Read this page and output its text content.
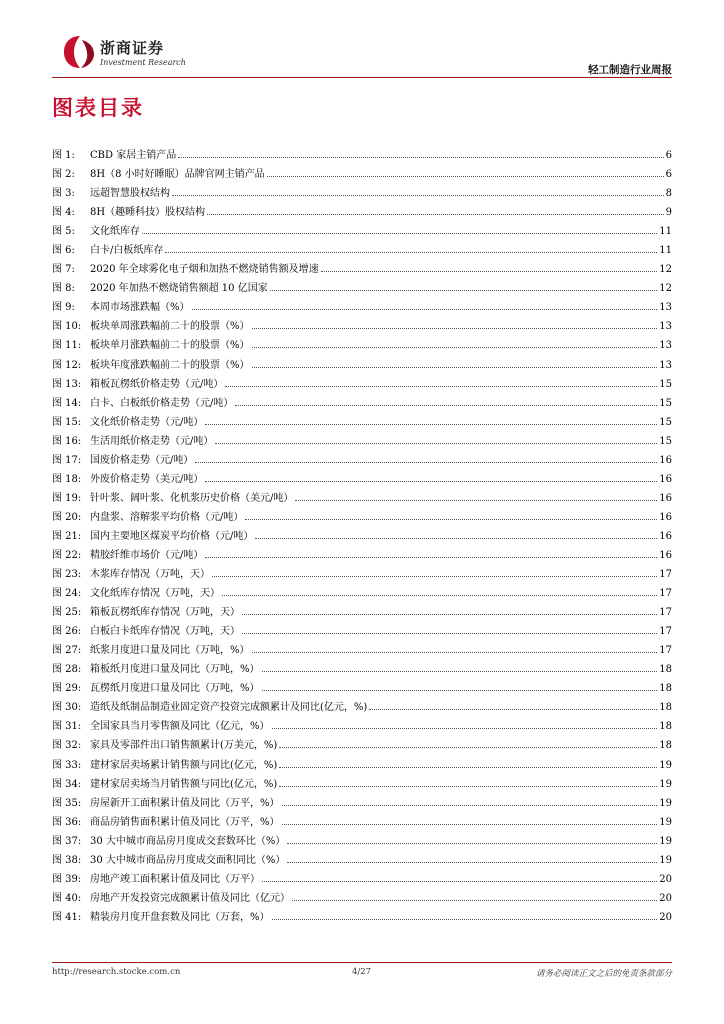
浙商证券
Investment Research
轻工制造行业周报
图表目录
图 1:	CBD 家居主销产品	6
图 2:	8H（8 小时好睡眠）品牌官网主销产品	6
图 3:	远超智慧股权结构	8
图 4:	8H（趣睡科技）股权结构	9
图 5:	文化纸库存	11
图 6:	白卡/白板纸库存	11
图 7:	2020 年全球雾化电子烟和加热不燃烧销售额及增速	12
图 8:	2020 年加热不燃烧销售额超 10 亿国家	12
图 9:	本周市场涨跌幅（%）	13
图 10: 板块单周涨跌幅前二十的股票（%）	13
图 11: 板块单月涨跌幅前二十的股票（%）	13
图 12: 板块年度涨跌幅前二十的股票（%）	13
图 13: 箱板瓦楞纸价格走势（元/吨）	15
图 14: 白卡、白板纸价格走势（元/吨）	15
图 15: 文化纸价格走势（元/吨）	15
图 16: 生活用纸价格走势（元/吨）	15
图 17: 国废价格走势（元/吨）	16
图 18: 外废价格走势（美元/吨）	16
图 19: 针叶浆、阔叶浆、化机浆历史价格（美元/吨）	16
图 20: 内盘浆、溶解浆平均价格（元/吨）	16
图 21: 国内主要地区煤炭平均价格（元/吨）	16
图 22: 精胶纤维市场价（元/吨）	16
图 23: 木浆库存情况（万吨，天）	17
图 24: 文化纸库存情况（万吨，天）	17
图 25: 箱板瓦楞纸库存情况（万吨，天）	17
图 26: 白板白卡纸库存情况（万吨，天）	17
图 27: 纸浆月度进口量及同比（万吨，%）	17
图 28: 箱板纸月度进口量及同比（万吨，%）	18
图 29: 瓦楞纸月度进口量及同比（万吨，%）	18
图 30: 造纸及纸制品制造业固定资产投资完成额累计及同比(亿元，%)	18
图 31: 全国家具当月零售额及同比（亿元，%）	18
图 32: 家具及零部件出口销售额累计(万美元，%)	18
图 33: 建材家居卖场累计销售额与同比(亿元，%)	19
图 34: 建材家居卖场当月销售额与同比(亿元，%)	19
图 35: 房屋新开工面积累计值及同比（万平，%）	19
图 36: 商品房销售面积累计值及同比（万平，%）	19
图 37: 30 大中城市商品房月度成交套数环比（%）	19
图 38: 30 大中城市商品房月度成交面积同比（%）	19
图 39: 房地产竣工面积累计值及同比（万平）	20
图 40: 房地产开发投资完成额累计值及同比（亿元）	20
图 41: 精装房月度开盘套数及同比（万套，%）	20
http://research.stocke.com.cn	4/27	请务必阅读正文之后的免责条款部分
